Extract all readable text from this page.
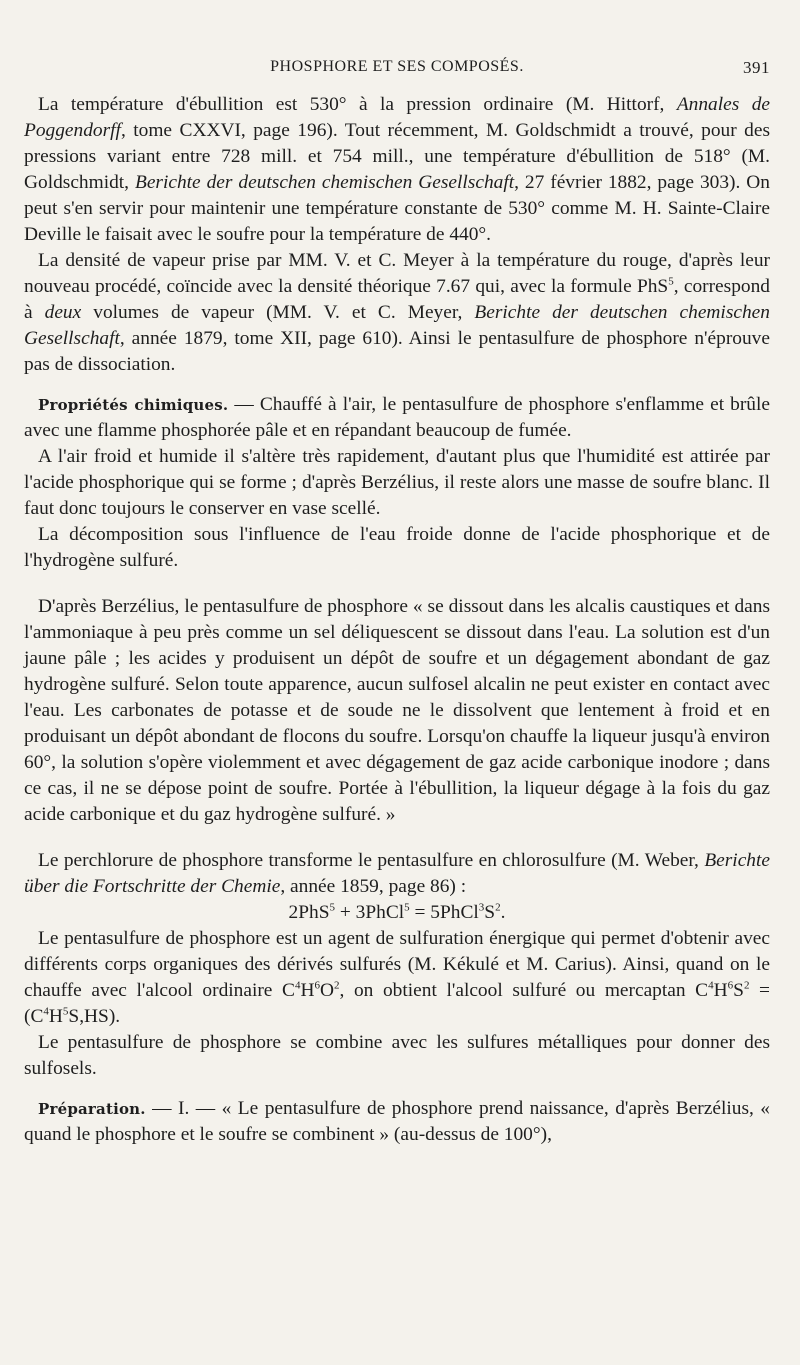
PHOSPHORE ET SES COMPOSÉS.	391

La température d'ébullition est 530° à la pression ordinaire (M. Hittorf, Annales de Poggendorff, tome CXXVI, page 196). Tout récemment, M. Goldschmidt a trouvé, pour des pressions variant entre 728 mill. et 754 mill., une température d'ébullition de 518° (M. Goldschmidt, Berichte der deutschen chemischen Gesellschaft, 27 février 1882, page 303). On peut s'en servir pour maintenir une température constante de 530° comme M. H. Sainte-Claire Deville le faisait avec le soufre pour la température de 440°.

La densité de vapeur prise par MM. V. et C. Meyer à la température du rouge, d'après leur nouveau procédé, coïncide avec la densité théorique 7.67 qui, avec la formule PhS$^5$, correspond à deux volumes de vapeur (MM. V. et C. Meyer, Berichte der deutschen chemischen Gesellschaft, année 1879, tome XII, page 610). Ainsi le pentasulfure de phosphore n'éprouve pas de dissociation.

Propriétés chimiques. — Chauffé à l'air, le pentasulfure de phosphore s'enflamme et brûle avec une flamme phosphorée pâle et en répandant beaucoup de fumée.

A l'air froid et humide il s'altère très rapidement, d'autant plus que l'humidité est attirée par l'acide phosphorique qui se forme ; d'après Berzélius, il reste alors une masse de soufre blanc. Il faut donc toujours le conserver en vase scellé.

La décomposition sous l'influence de l'eau froide donne de l'acide phosphorique et de l'hydrogène sulfuré.

D'après Berzélius, le pentasulfure de phosphore « se dissout dans les alcalis caustiques et dans l'ammoniaque à peu près comme un sel déliquescent se dissout dans l'eau. La solution est d'un jaune pâle ; les acides y produisent un dépôt de soufre et un dégagement abondant de gaz hydrogène sulfuré. Selon toute apparence, aucun sulfosel alcalin ne peut exister en contact avec l'eau. Les carbonates de potasse et de soude ne le dissolvent que lentement à froid et en produisant un dépôt abondant de flocons du soufre. Lorsqu'on chauffe la liqueur jusqu'à environ 60°, la solution s'opère violemment et avec dégagement de gaz acide carbonique inodore ; dans ce cas, il ne se dépose point de soufre. Portée à l'ébullition, la liqueur dégage à la fois du gaz acide carbonique et du gaz hydrogène sulfuré. »

Le perchlorure de phosphore transforme le pentasulfure en chlorosulfure (M. Weber, Berichte über die Fortschritte der Chemie, année 1859, page 86) :

2PhS$^5$ + 3PhCl$^5$ = $5PhCl^3S^2$.

Le pentasulfure de phosphore est un agent de sulfuration énergique qui permet d'obtenir avec différents corps organiques des dérivés sulfurés (M. Kékulé et M. Carius). Ainsi, quand on le chauffe avec l'alcool ordinaire $C^4H^6O^2$, on obtient l'alcool sulfuré ou mercaptan $C^4H^6S^2 = (C^4H^5S,HS)$.

Le pentasulfure de phosphore se combine avec les sulfures métalliques pour donner des sulfosels.

Préparation. — I. — « Le pentasulfure de phosphore prend naissance, d'après Berzélius, « quand le phosphore et le soufre se combinent » (au-dessus de 100°),
